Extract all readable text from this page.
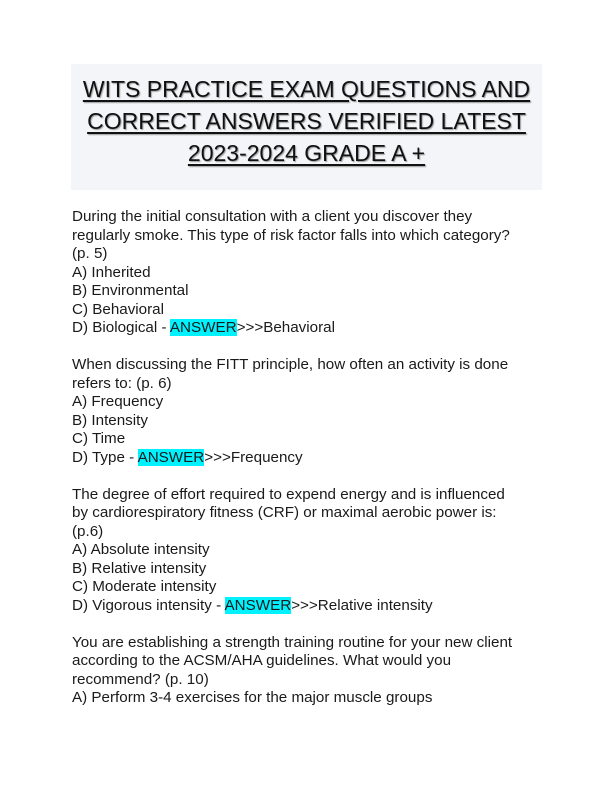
WITS PRACTICE EXAM QUESTIONS AND
CORRECT ANSWERS VERIFIED LATEST
2023-2024 GRADE A +
During the initial consultation with a client you discover they
regularly smoke. This type of risk factor falls into which category?
(p. 5)
A) Inherited
B) Environmental
C) Behavioral
D) Biological - ANSWER>>>Behavioral
When discussing the FITT principle, how often an activity is done
refers to: (p. 6)
A) Frequency
B) Intensity
C) Time
D) Type - ANSWER>>>Frequency
The degree of effort required to expend energy and is influenced
by cardiorespiratory fitness (CRF) or maximal aerobic power is:
(p.6)
A) Absolute intensity
B) Relative intensity
C) Moderate intensity
D) Vigorous intensity - ANSWER>>>Relative intensity
You are establishing a strength training routine for your new client
according to the ACSM/AHA guidelines. What would you
recommend? (p. 10)
A) Perform 3-4 exercises for the major muscle groups
